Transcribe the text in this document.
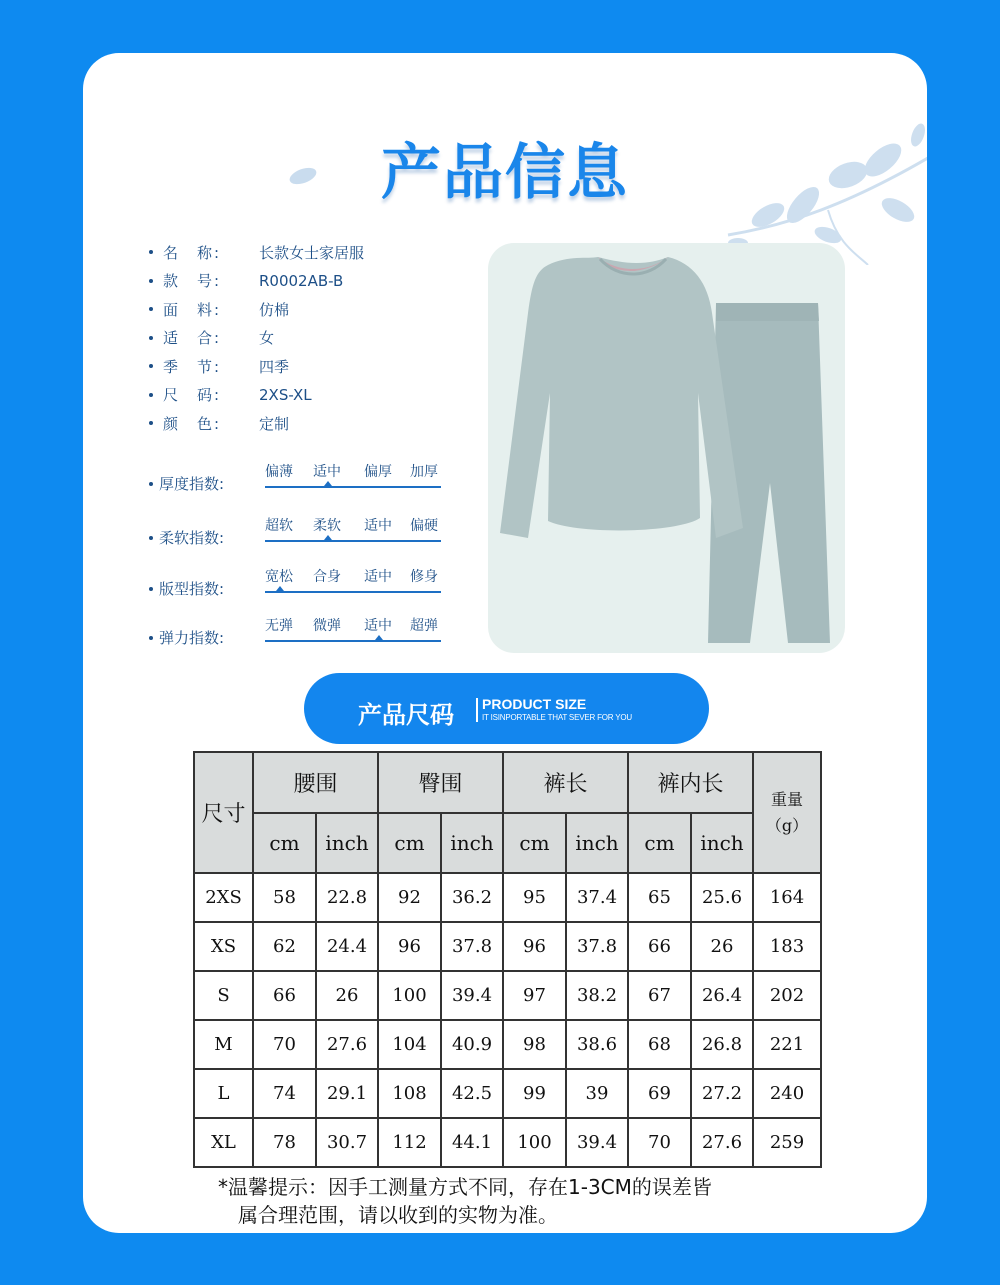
产品信息
名　称:	长款女士家居服
款　号:	R0002AB-B
面　料:	仿棉
适　合:	女
季　节:	四季
尺　码:	2XS-XL
颜　色:	定制
厚度指数:
偏薄 适中 偏厚 加厚
柔软指数:
超软 柔软 适中 偏硬
版型指数:
宽松 合身 适中 修身
弹力指数:
无弹 微弹 适中 超弹
产品尺码 PRODUCT SIZE
IT ISINPORTABLE THAT SEVER FOR YOU
尺寸	腰围		臀围		裤长		裤内长		重量
（g）
	cm	inch	cm	inch	cm	inch	cm	inch	
2XS	58	22.8	92	36.2	95	37.4	65	25.6	164
XS	62	24.4	96	37.8	96	37.8	66	26	183
S	66	26	100	39.4	97	38.2	67	26.4	202
M	70	27.6	104	40.9	98	38.6	68	26.8	221
L	74	29.1	108	42.5	99	39	69	27.2	240
XL	78	30.7	112	44.1	100	39.4	70	27.6	259
*温馨提示：因手工测量方式不同，存在1-3CM的误差皆
　属合理范围，请以收到的实物为准。
